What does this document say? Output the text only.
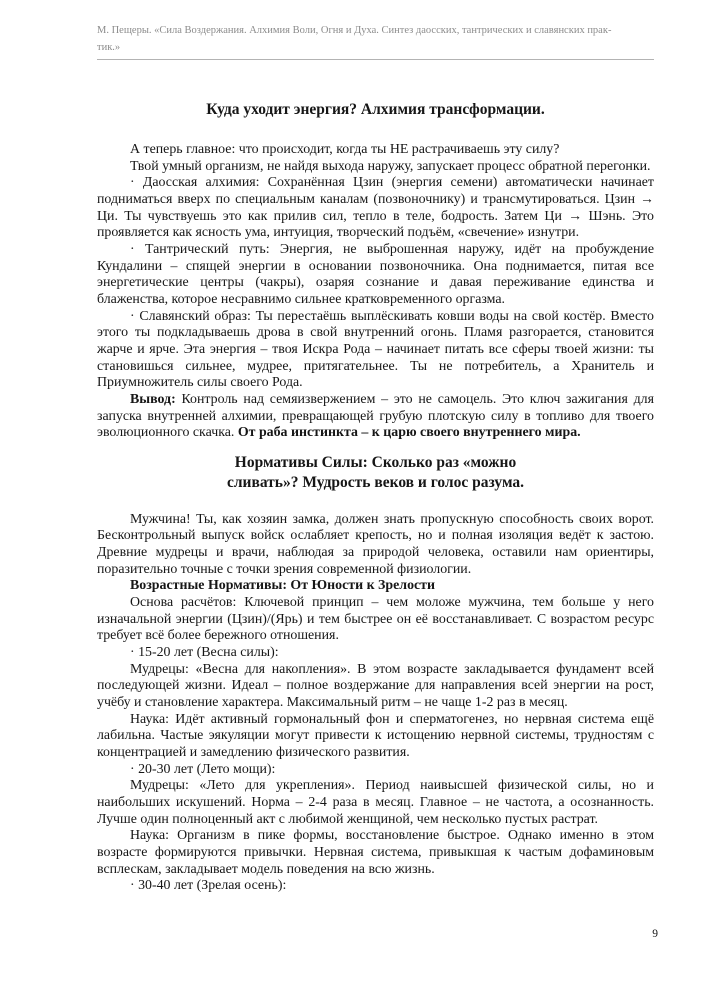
М. Пещеры. «Сила Воздержания. Алхимия Воли, Огня и Духа. Синтез даосских, тантрических и славянских прак-
тик.»
Куда уходит энергия? Алхимия трансформации.

А теперь главное: что происходит, когда ты НЕ растрачиваешь эту силу?

Твой умный организм, не найдя выхода наружу, запускает процесс обратной перегонки.

· Даосская алхимия: Сохранённая Цзин (энергия семени) автоматически начинает подниматься вверх по специальным каналам (позвоночнику) и трансмутироваться. Цзин → Ци. Ты чувствуешь это как прилив сил, тепло в теле, бодрость. Затем Ци → Шэнь. Это проявляется как ясность ума, интуиция, творческий подъём, «свечение» изнутри.

· Тантрический путь: Энергия, не выброшенная наружу, идёт на пробуждение Кундалини – спящей энергии в основании позвоночника. Она поднимается, питая все энергетические центры (чакры), озаряя сознание и давая переживание единства и блаженства, которое несравнимо сильнее кратковременного оргазма.

· Славянский образ: Ты перестаёшь выплёскивать ковши воды на свой костёр. Вместо этого ты подкладываешь дрова в свой внутренний огонь. Пламя разгорается, становится жарче и ярче. Эта энергия – твоя Искра Рода – начинает питать все сферы твоей жизни: ты становишься сильнее, мудрее, притягательнее. Ты не потребитель, а Хранитель и Приумножитель силы своего Рода.

Вывод: Контроль над семяизвержением – это не самоцель. Это ключ зажигания для запуска внутренней алхимии, превращающей грубую плотскую силу в топливо для твоего эволюционного скачка. От раба инстинкта – к царю своего внутреннего мира.

Нормативы Силы: Сколько раз «можно
сливать»? Мудрость веков и голос разума.

Мужчина! Ты, как хозяин замка, должен знать пропускную способность своих ворот. Бесконтрольный выпуск войск ослабляет крепость, но и полная изоляция ведёт к застою. Древние мудрецы и врачи, наблюдая за природой человека, оставили нам ориентиры, поразительно точные с точки зрения современной физиологии.

Возрастные Нормативы: От Юности к Зрелости

Основа расчётов: Ключевой принцип – чем моложе мужчина, тем больше у него изначальной энергии (Цзин)/(Ярь) и тем быстрее он её восстанавливает. С возрастом ресурс требует всё более бережного отношения.

· 15-20 лет (Весна силы):

Мудрецы: «Весна для накопления». В этом возрасте закладывается фундамент всей последующей жизни. Идеал – полное воздержание для направления всей энергии на рост, учёбу и становление характера. Максимальный ритм – не чаще 1-2 раз в месяц.

Наука: Идёт активный гормональный фон и сперматогенез, но нервная система ещё лабильна. Частые эякуляции могут привести к истощению нервной системы, трудностям с концентрацией и замедлению физического развития.

· 20-30 лет (Лето мощи):

Мудрецы: «Лето для укрепления». Период наивысшей физической силы, но и наибольших искушений. Норма – 2-4 раза в месяц. Главное – не частота, а осознанность. Лучше один полноценный акт с любимой женщиной, чем несколько пустых растрат.

Наука: Организм в пике формы, восстановление быстрое. Однако именно в этом возрасте формируются привычки. Нервная система, привыкшая к частым дофаминовым всплескам, закладывает модель поведения на всю жизнь.

· 30-40 лет (Зрелая осень):

9
